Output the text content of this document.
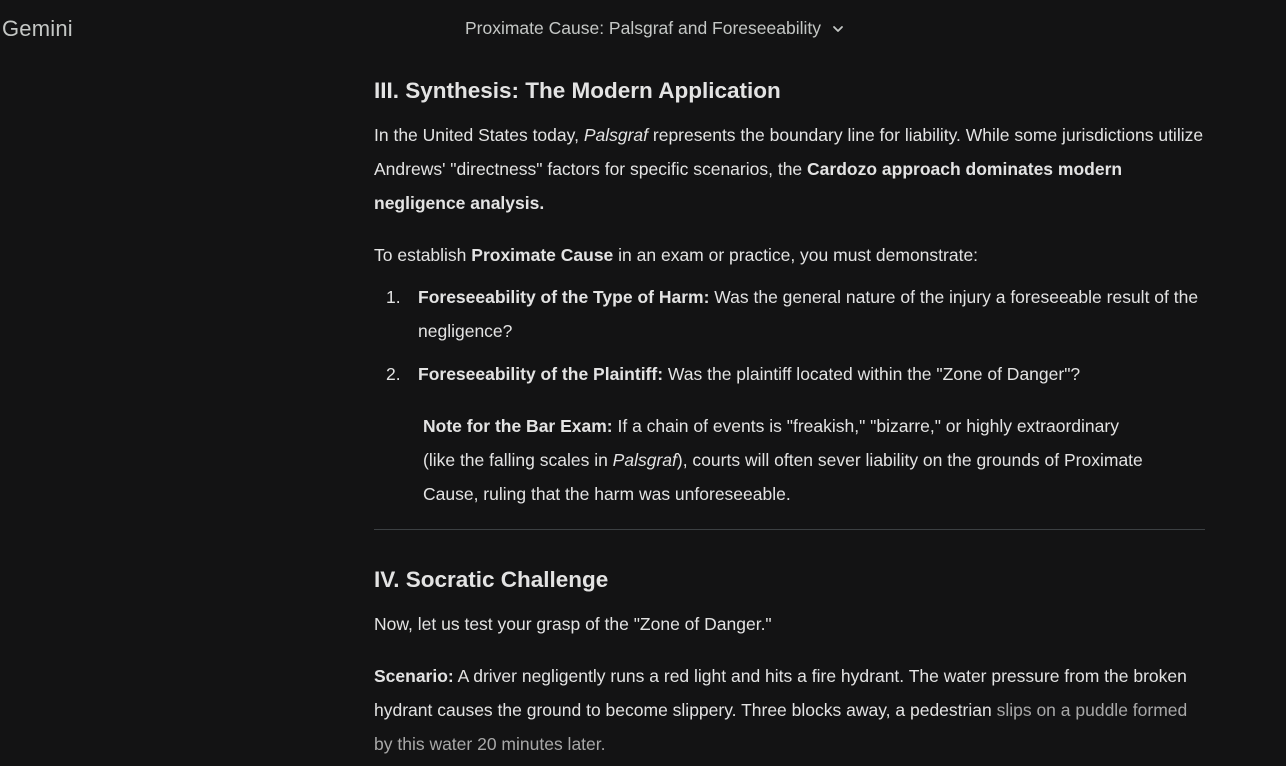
Gemini	Proximate Cause: Palsgraf and Foreseeability
III. Synthesis: The Modern Application

In the United States today, Palsgraf represents the boundary line for liability. While some jurisdictions utilize Andrews' "directness" factors for specific scenarios, the Cardozo approach dominates modern negligence analysis.

To establish Proximate Cause in an exam or practice, you must demonstrate:

1. Foreseeability of the Type of Harm: Was the general nature of the injury a foreseeable result of the negligence?
2. Foreseeability of the Plaintiff: Was the plaintiff located within the "Zone of Danger"?
Note for the Bar Exam: If a chain of events is "freakish," "bizarre," or highly extraordinary (like the falling scales in Palsgraf), courts will often sever liability on the grounds of Proximate Cause, ruling that the harm was unforeseeable.
IV. Socratic Challenge

Now, let us test your grasp of the "Zone of Danger."

Scenario: A driver negligently runs a red light and hits a fire hydrant. The water pressure from the broken hydrant causes the ground to become slippery. Three blocks away, a pedestrian slips on a puddle formed by this water 20 minutes later.
